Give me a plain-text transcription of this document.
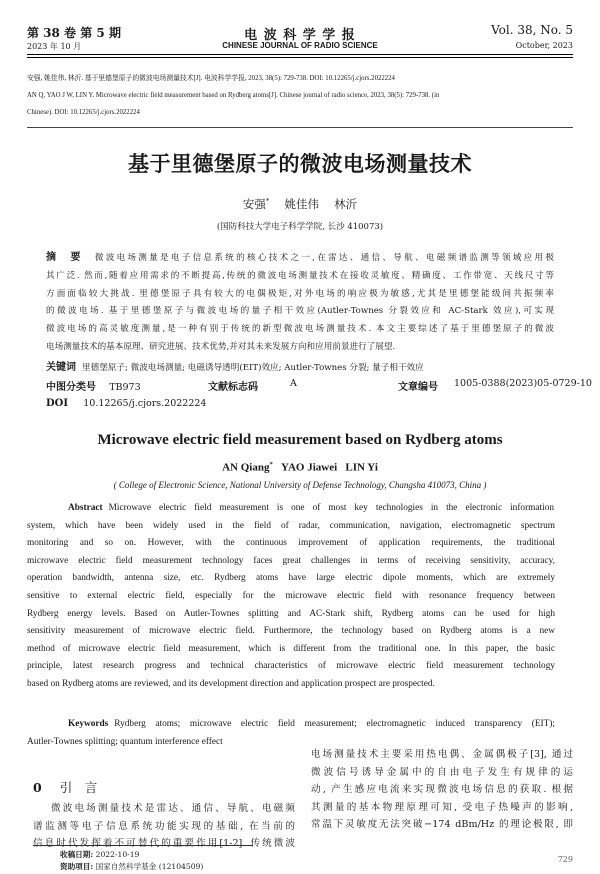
第 38 卷 第 5 期
2023 年 10 月
电 波 科 学 学 报
CHINESE JOURNAL OF RADIO SCIENCE
Vol. 38, No. 5
October, 2023
安强, 姚佳伟, 林沂. 基于里德堡原子的微波电场测量技术[J]. 电波科学学报, 2023, 38(5): 729-738. DOI: 10.12265/j.cjors.2022224
AN Q, YAO J W, LIN Y. Microwave electric field measurement based on Rydberg atoms[J]. Chinese journal of radio science, 2023, 38(5): 729-738. (in
Chinese). DOI: 10.12265/j.cjors.2022224
基于里德堡原子的微波电场测量技术
安强*   姚佳伟   林沂
(国防科技大学电子科学学院, 长沙 410073)
摘　要 微波电场测量是电子信息系统的核心技术之一,在雷达、通信、导航、电磁频谱监测等领域应用极
其广泛. 然而,随着应用需求的不断提高,传统的微波电场测量技术在接收灵敏度、精确度、工作带宽、天线尺寸等
方面面临较大挑战. 里德堡原子具有较大的电偶极矩,对外电场的响应极为敏感,尤其是里德堡能级间共振频率
的微波电场. 基于里德堡原子与微波电场的量子相干效应(Autler-Townes 分裂效应和 AC-Stark 效应),可实现
微波电场的高灵敏度测量,是一种有别于传统的新型微波电场测量技术. 本文主要综述了基于里德堡原子的微波
电场测量技术的基本原理、研究进展、技术优势,并对其未来发展方向和应用前景进行了展望.
关键词 里德堡原子; 微波电场测量; 电磁诱导透明(EIT)效应; Autler-Townes 分裂; 量子相干效应
中图分类号 TB973	文献标志码	A	文章编号 1005-0388(2023)05-0729-10
DOI 10.12265/j.cjors.2022224
Microwave electric field measurement based on Rydberg atoms
AN Qiang*   YAO Jiawei   LIN Yi
( College of Electronic Science, National University of Defense Technology, Changsha 410073, China )
Abstract Microwave electric field measurement is one of most key technologies in the electronic information
system, which have been widely used in the field of radar, communication, navigation, electromagnetic spectrum
monitoring and so on. However, with the continuous improvement of application requirements, the traditional
microwave electric field measurement technology faces great challenges in terms of receiving sensitivity, accuracy,
operation bandwidth, antenna size, etc. Rydberg atoms have large electric dipole moments, which are extremely
sensitive to external electric field, especially for the microwave electric field with resonance frequency between
Rydberg energy levels. Based on Autler-Townes splitting and AC-Stark shift, Rydberg atoms can be used for high
sensitivity measurement of microwave electric field. Furthermore, the technology based on Rydberg atoms is a new
method of microwave electric field measurement, which is different from the traditional one. In this paper, the basic
principle, latest research progress and technical characteristics of microwave electric field measurement technology
based on Rydberg atoms are reviewed, and its development direction and application prospect are prospected.
Keywords Rydberg atoms; microwave electric field measurement; electromagnetic induced transparency (EIT);
Autler-Townes splitting; quantum interference effect
0 引　言
微波电场测量技术是雷达、通信、导航、电磁频
谱监测等电子信息系统功能实现的基础, 在当前的
信息时代发挥着不可替代的重要作用[1-2]. 传统微波
电场测量技术主要采用热电偶、金属偶极子[3], 通过
微波信号诱导金属中的自由电子发生有规律的运
动, 产生感应电流来实现微波电场信息的获取. 根据
其测量的基本物理原理可知, 受电子热噪声的影响,
常温下灵敏度无法突破−174 dBm/Hz 的理论极限, 即
收稿日期: 2022-10-19
资助项目: 国家自然科学基金 (12104509)
729
